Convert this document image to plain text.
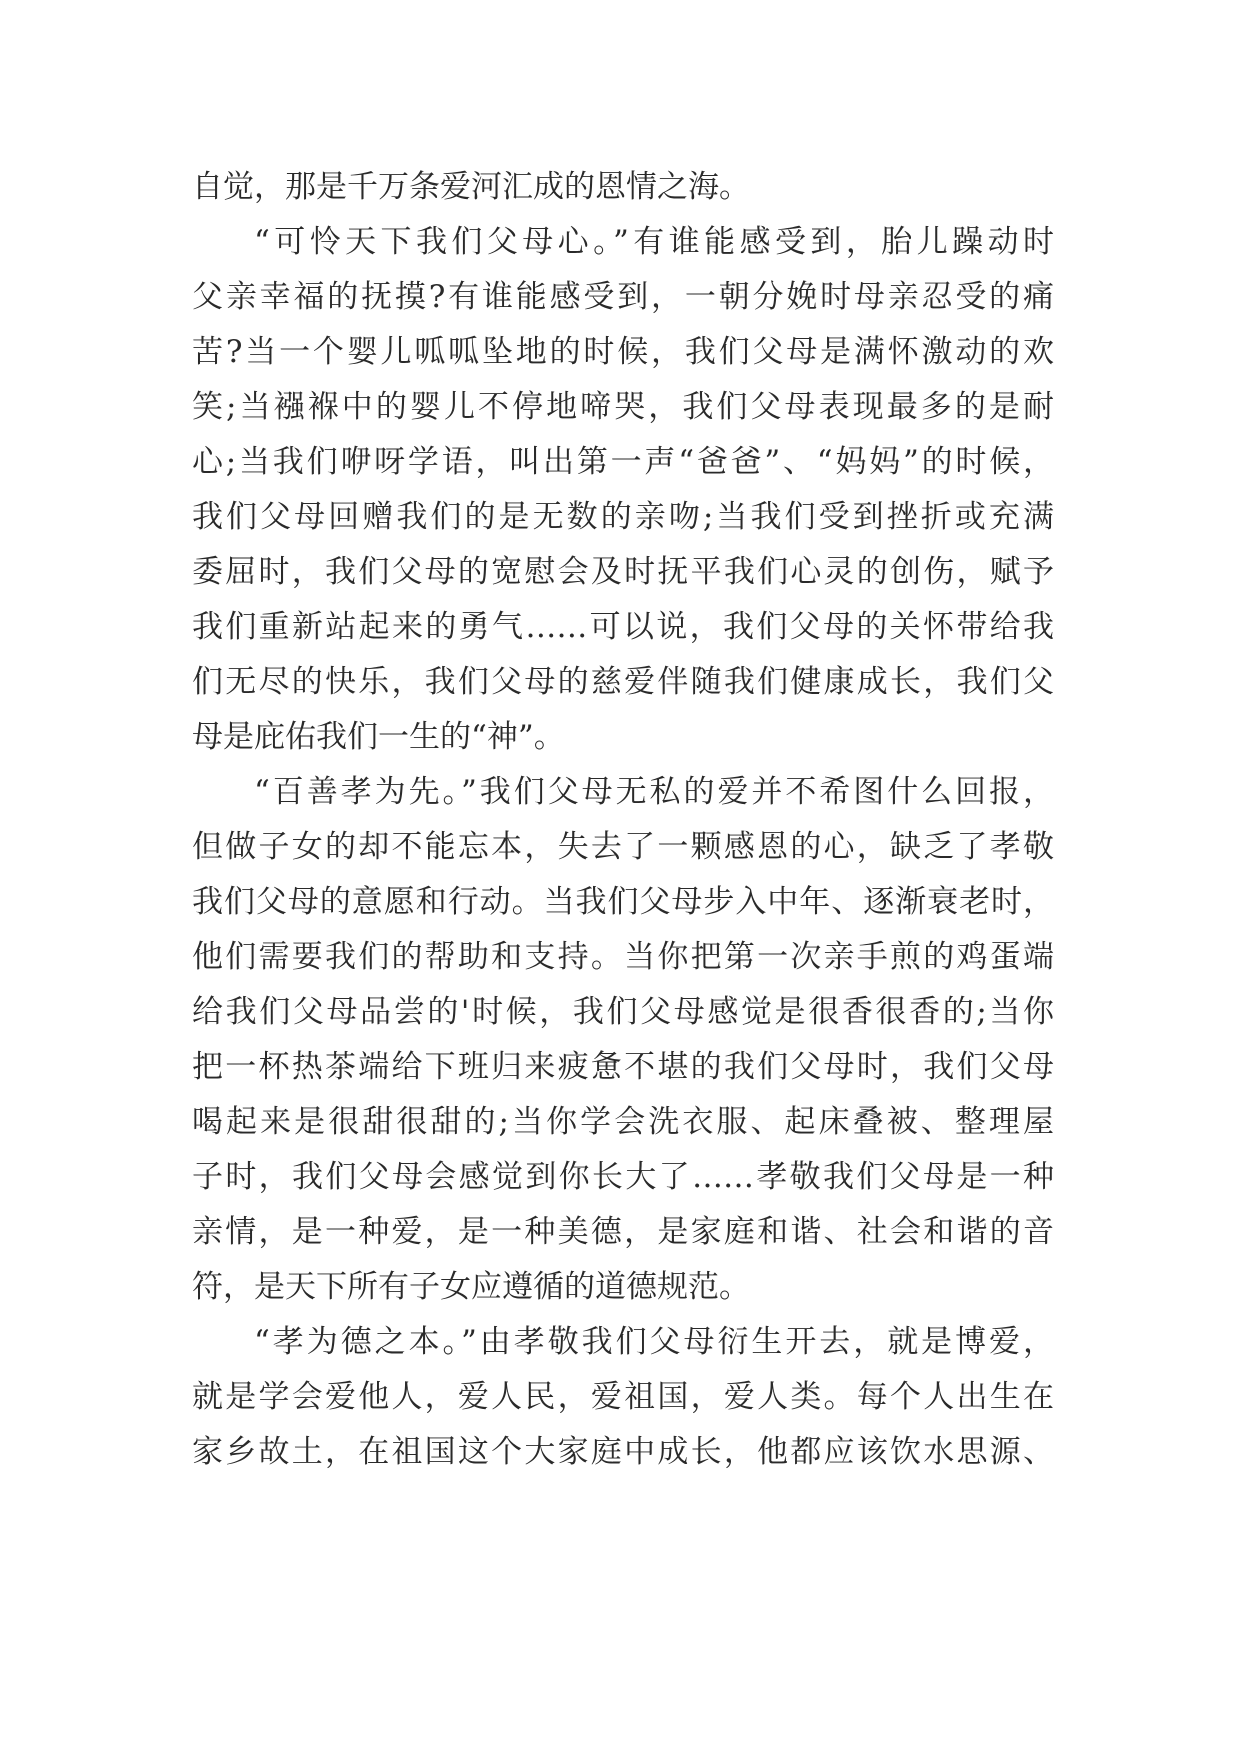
自觉，那是千万条爱河汇成的恩情之海。
“可怜天下我们父母心。”有谁能感受到，胎儿躁动时
父亲幸福的抚摸?有谁能感受到，一朝分娩时母亲忍受的痛
苦?当一个婴儿呱呱坠地的时候，我们父母是满怀激动的欢
笑;当襁褓中的婴儿不停地啼哭，我们父母表现最多的是耐
心;当我们咿呀学语，叫出第一声“爸爸”、“妈妈”的时候，
我们父母回赠我们的是无数的亲吻;当我们受到挫折或充满
委屈时，我们父母的宽慰会及时抚平我们心灵的创伤，赋予
我们重新站起来的勇气……可以说，我们父母的关怀带给我
们无尽的快乐，我们父母的慈爱伴随我们健康成长，我们父
母是庇佑我们一生的“神”。
“百善孝为先。”我们父母无私的爱并不希图什么回报，
但做子女的却不能忘本，失去了一颗感恩的心，缺乏了孝敬
我们父母的意愿和行动。当我们父母步入中年、逐渐衰老时，
他们需要我们的帮助和支持。当你把第一次亲手煎的鸡蛋端
给我们父母品尝的'时候，我们父母感觉是很香很香的;当你
把一杯热茶端给下班归来疲惫不堪的我们父母时，我们父母
喝起来是很甜很甜的;当你学会洗衣服、起床叠被、整理屋
子时，我们父母会感觉到你长大了……孝敬我们父母是一种
亲情，是一种爱，是一种美德，是家庭和谐、社会和谐的音
符，是天下所有子女应遵循的道德规范。
“孝为德之本。”由孝敬我们父母衍生开去，就是博爱，
就是学会爱他人，爱人民，爱祖国，爱人类。每个人出生在
家乡故土，在祖国这个大家庭中成长，他都应该饮水思源、
